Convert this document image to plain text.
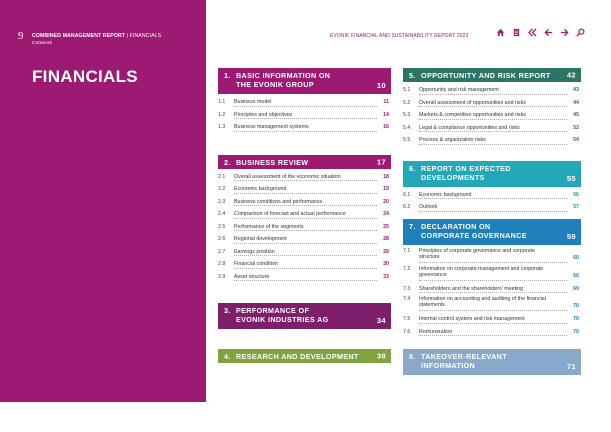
9 COMBINED MANAGEMENT REPORT | FINANCIALS
Contents
FINANCIALS
EVONIK FINANCIAL AND SUSTAINABILITY REPORT 2023
1. BASIC INFORMATION ON
THE EVONIK GROUP	10
1.1	Business model	11
1.2	Principles and objectives	14
1.3	Business management systems	16
2. BUSINESS REVIEW	17
2.1	Overall assessment of the economic situation	18
2.2	Economic background	19
2.3	Business conditions and performance	20
2.4	Comparison of forecast and actual performance	24
2.5	Performance of the segments	25
2.6	Regional development	28
2.7	Earnings position	29
2.8	Financial condition	30
2.9	Asset structure	33
3. PERFORMANCE OF
EVONIK INDUSTRIES AG	34
4. RESEARCH AND DEVELOPMENT 38
5. OPPORTUNITY AND RISK REPORT 42
5.1	Opportunity and risk management	43
5.2	Overall assessment of opportunities and risks	44
5.3	Markets & competition opportunities and risks	45
5.4	Legal & compliance opportunities and risks	52
5.5	Process & organization risks	54
6. REPORT ON EXPECTED
DEVELOPMENTS	55
6.1	Economic background	56
6.2	Outlook	57
7. DECLARATION ON
CORPORATE GOVERNANCE	59
7.1	Principles of corporate governance and corporate structure	60
7.2	Information on corporate management and corporate governance	60
7.3	Shareholders and the shareholders' meeting	69
7.4	Information on accounting and auditing of the financial statements	70
7.5	Internal control system and risk management	70
7.6	Remuneration	70
8. TAKEOVER-RELEVANT
INFORMATION	71
